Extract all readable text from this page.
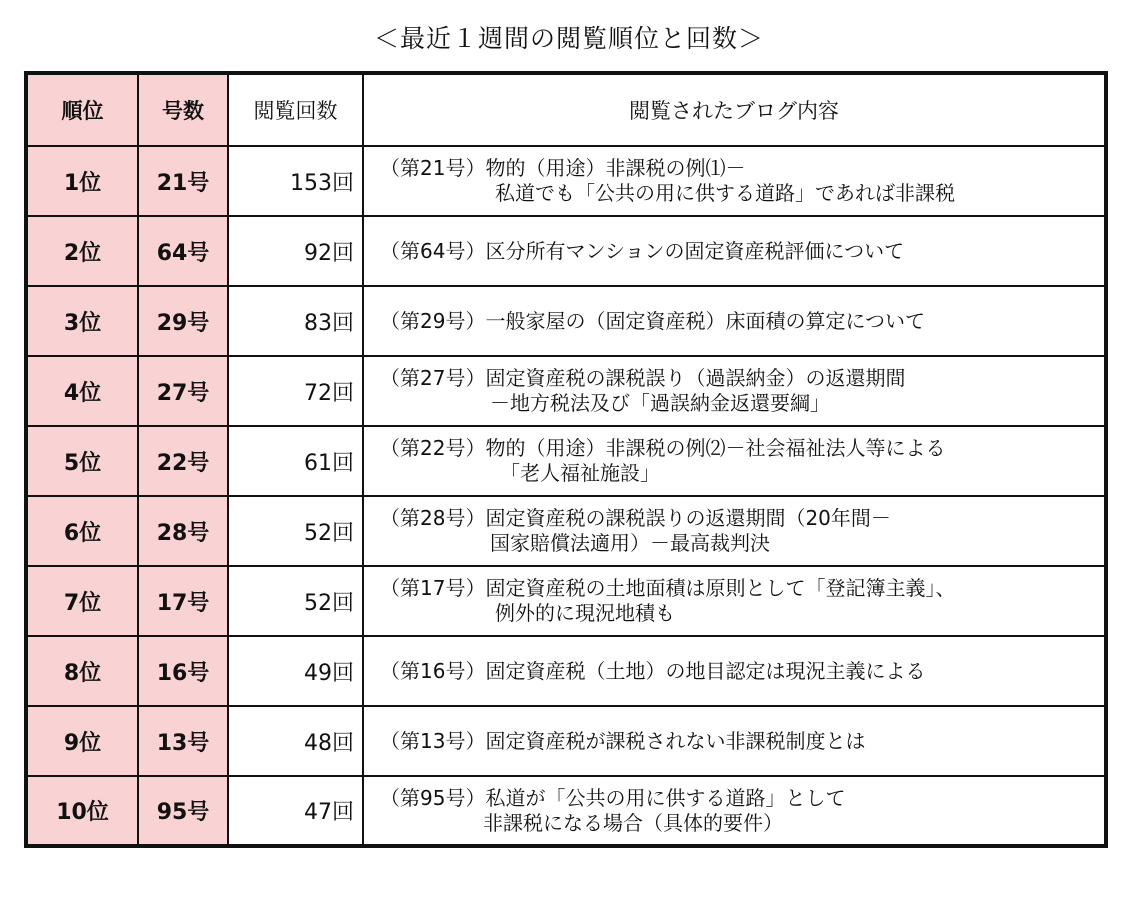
＜最近１週間の閲覧順位と回数＞
順位	号数	閲覧回数	閲覧されたブログ内容
1位	21号	153回	（第21号）物的（用途）非課税の例⑴－
私道でも「公共の用に供する道路」であれば非課税

2位	64号	92回	（第64号）区分所有マンションの固定資産税評価について

3位	29号	83回	（第29号）一般家屋の（固定資産税）床面積の算定について

4位	27号	72回	（第27号）固定資産税の課税誤り（過誤納金）の返還期間
－地方税法及び「過誤納金返還要綱」

5位	22号	61回	（第22号）物的（用途）非課税の例⑵－社会福祉法人等による
「老人福祉施設」

6位	28号	52回	（第28号）固定資産税の課税誤りの返還期間（20年間－
国家賠償法適用）－最高裁判決

7位	17号	52回	（第17号）固定資産税の土地面積は原則として「登記簿主義」、
例外的に現況地積も

8位	16号	49回	（第16号）固定資産税（土地）の地目認定は現況主義による

9位	13号	48回	（第13号）固定資産税が課税されない非課税制度とは

10位	95号	47回	（第95号）私道が「公共の用に供する道路」として
非課税になる場合（具体的要件）
